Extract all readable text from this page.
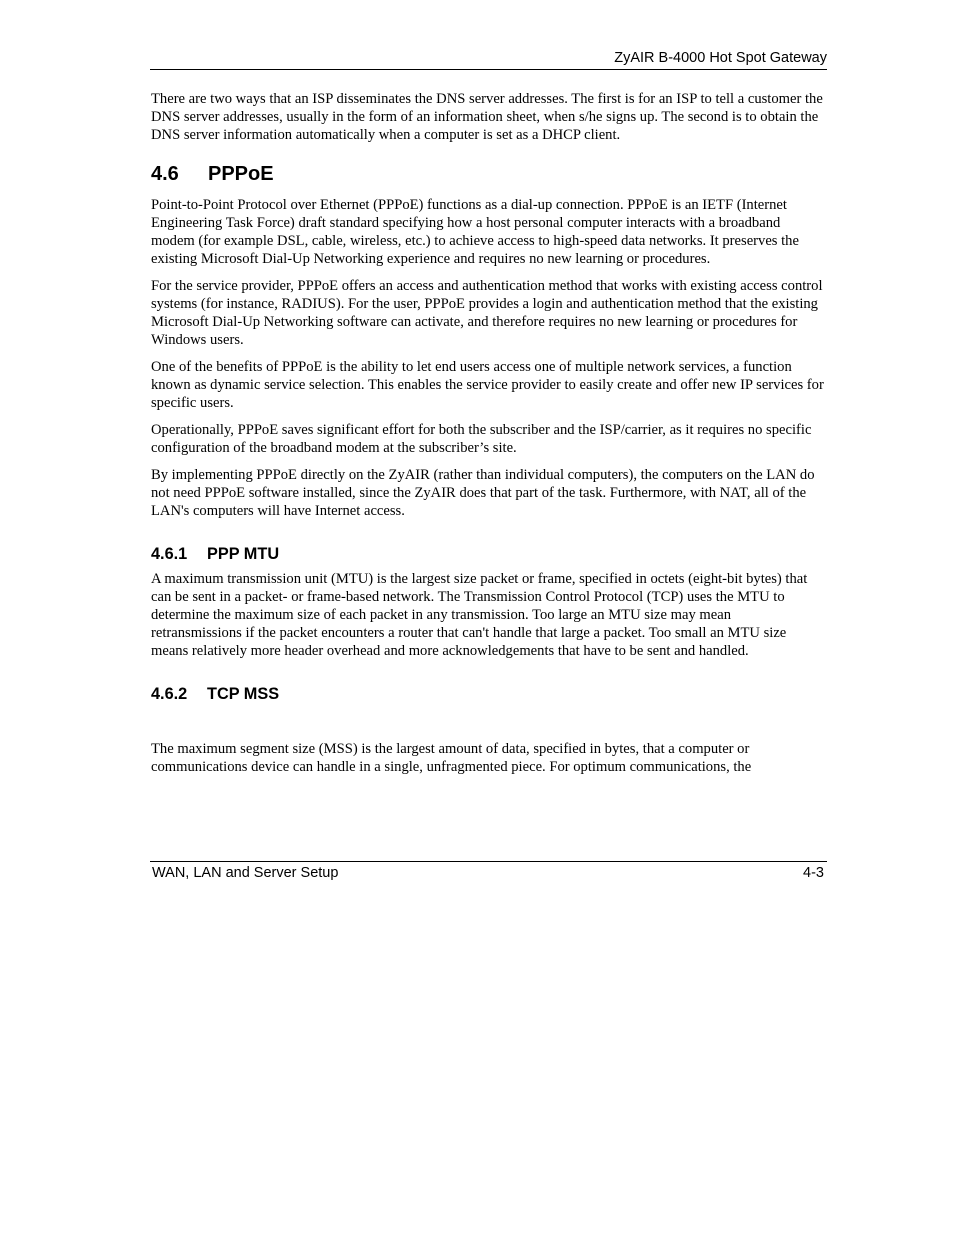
ZyAIR B-4000 Hot Spot Gateway

There are two ways that an ISP disseminates the DNS server addresses. The first is for an ISP to tell a customer the DNS server addresses, usually in the form of an information sheet, when s/he signs up. The second is to obtain the DNS server information automatically when a computer is set as a DHCP client.

4.6 PPPoE

Point-to-Point Protocol over Ethernet (PPPoE) functions as a dial-up connection. PPPoE is an IETF (Internet Engineering Task Force) draft standard specifying how a host personal computer interacts with a broadband modem (for example DSL, cable, wireless, etc.) to achieve access to high-speed data networks. It preserves the existing Microsoft Dial-Up Networking experience and requires no new learning or procedures.

For the service provider, PPPoE offers an access and authentication method that works with existing access control systems (for instance, RADIUS). For the user, PPPoE provides a login and authentication method that the existing Microsoft Dial-Up Networking software can activate, and therefore requires no new learning or procedures for Windows users.

One of the benefits of PPPoE is the ability to let end users access one of multiple network services, a function known as dynamic service selection. This enables the service provider to easily create and offer new IP services for specific users.

Operationally, PPPoE saves significant effort for both the subscriber and the ISP/carrier, as it requires no specific configuration of the broadband modem at the subscriber’s site.

By implementing PPPoE directly on the ZyAIR (rather than individual computers), the computers on the LAN do not need PPPoE software installed, since the ZyAIR does that part of the task. Furthermore, with NAT, all of the LAN's computers will have Internet access.

4.6.1 PPP MTU

A maximum transmission unit (MTU) is the largest size packet or frame, specified in octets (eight-bit bytes) that can be sent in a packet- or frame-based network. The Transmission Control Protocol (TCP) uses the MTU to determine the maximum size of each packet in any transmission. Too large an MTU size may mean retransmissions if the packet encounters a router that can't handle that large a packet. Too small an MTU size means relatively more header overhead and more acknowledgements that have to be sent and handled.

4.6.2 TCP MSS

The maximum segment size (MSS) is the largest amount of data, specified in bytes, that a computer or communications device can handle in a single, unfragmented piece. For optimum communications, the

WAN, LAN and Server Setup	4-3
